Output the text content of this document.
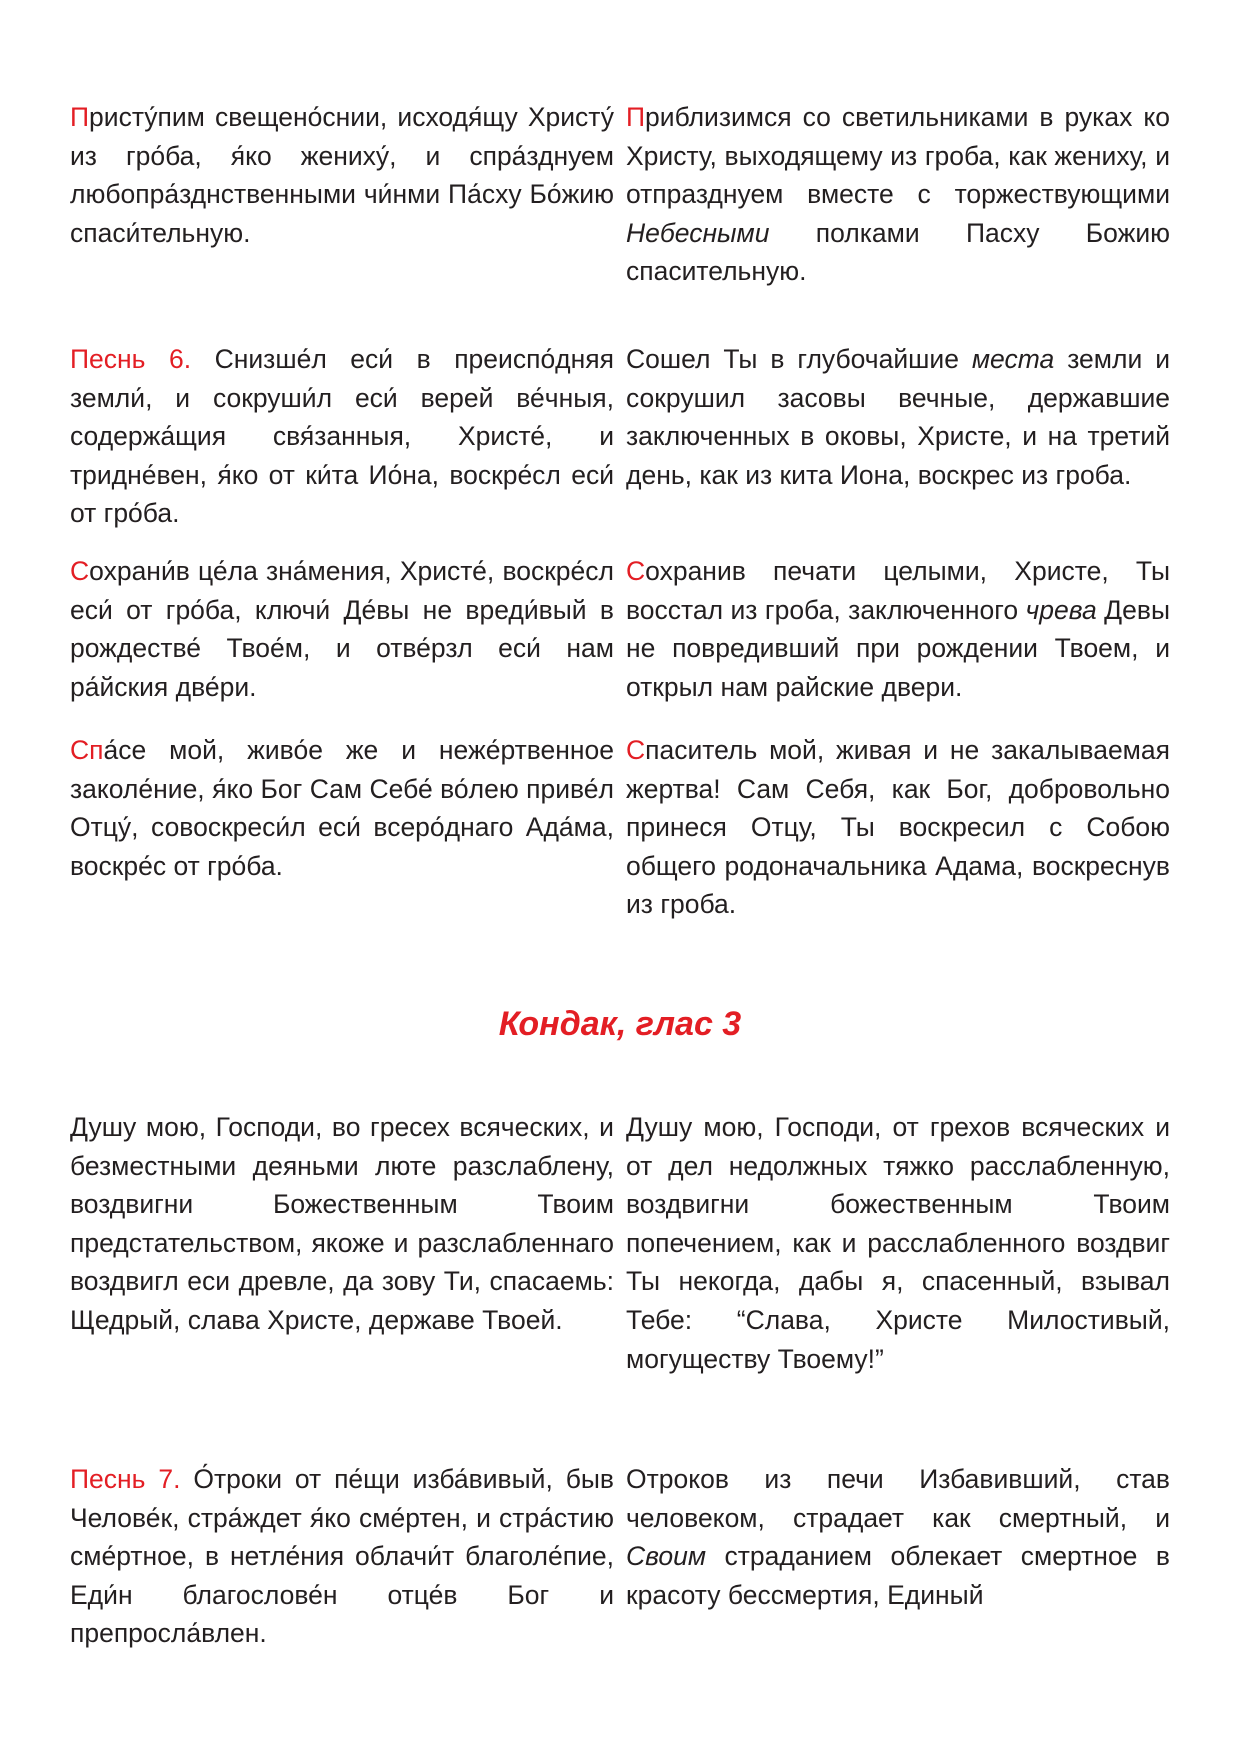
Присту́пим свещено́снии, исходя́щу Христу́ из гро́ба, я́ко жениху́, и спра́зднуем любопра́зднственными чи́нми Па́сху Бо́жию спаси́тельную.
Приблизимся со светильниками в руках ко Христу, выходящему из гроба, как жениху, и отпразднуем вместе с торжествующими Небесными полками Пасху Божию спасительную.
Песнь 6. Снизше́л еси́ в преиспо́дняя земли́, и сокруши́л еси́ верей ве́чныя, содержа́щия свя́занныя, Христе́, и тридне́вен, я́ко от ки́та Ио́на, воскре́сл еси́ от гро́ба.
Сошел Ты в глубочайшие места земли и сокрушил засовы вечные, державшие заключенных в оковы, Христе, и на третий день, как из кита Иона, воскрес из гроба.
Сохрани́в це́ла зна́мения, Христе́, воскре́сл еси́ от гро́ба, ключи́ Де́вы не вреди́вый в рождестве́ Твое́м, и отве́рзл еси́ нам ра́йския две́ри.
Сохранив печати целыми, Христе, Ты восстал из гроба, заключенного чрева Девы не повредивший при рождении Твоем, и открыл нам райские двери.
Спа́се мой, живо́е же и неже́ртвенное заколе́ние, я́ко Бог Сам Себе́ во́лею приве́л Отцу́, совоскреси́л еси́ всеро́днаго Ада́ма, воскре́с от гро́ба.
Спаситель мой, живая и не закалываемая жертва! Сам Себя, как Бог, добровольно принеся Отцу, Ты воскресил с Собою общего родоначальника Адама, воскреснув из гроба.
Кондак, глас 3
Душу мою, Господи, во гресех всяческих, и безместными деяньми люте разслаблену, воздвигни Божественным Твоим предстательством, якоже и разслабленнаго воздвигл еси древле, да зову Ти, спасаемь: Щедрый, слава Христе, державе Твоей.
Душу мою, Господи, от грехов всяческих и от дел недолжных тяжко расслабленную, воздвигни божественным Твоим попечением, как и расслабленного воздвиг Ты некогда, дабы я, спасенный, взывал Тебе: “Слава, Христе Милостивый, могуществу Твоему!”
Песнь 7. О́троки от пе́щи изба́вивый, быв Челове́к, стра́ждет я́ко сме́ртен, и стра́стию сме́ртное, в нетле́ния облачи́т благоле́пие, Еди́н благослове́н отце́в Бог и препросла́влен.
Отроков из печи Избавивший, став человеком, страдает как смертный, и Своим страданием облекает смертное в красоту бессмертия, Единый
